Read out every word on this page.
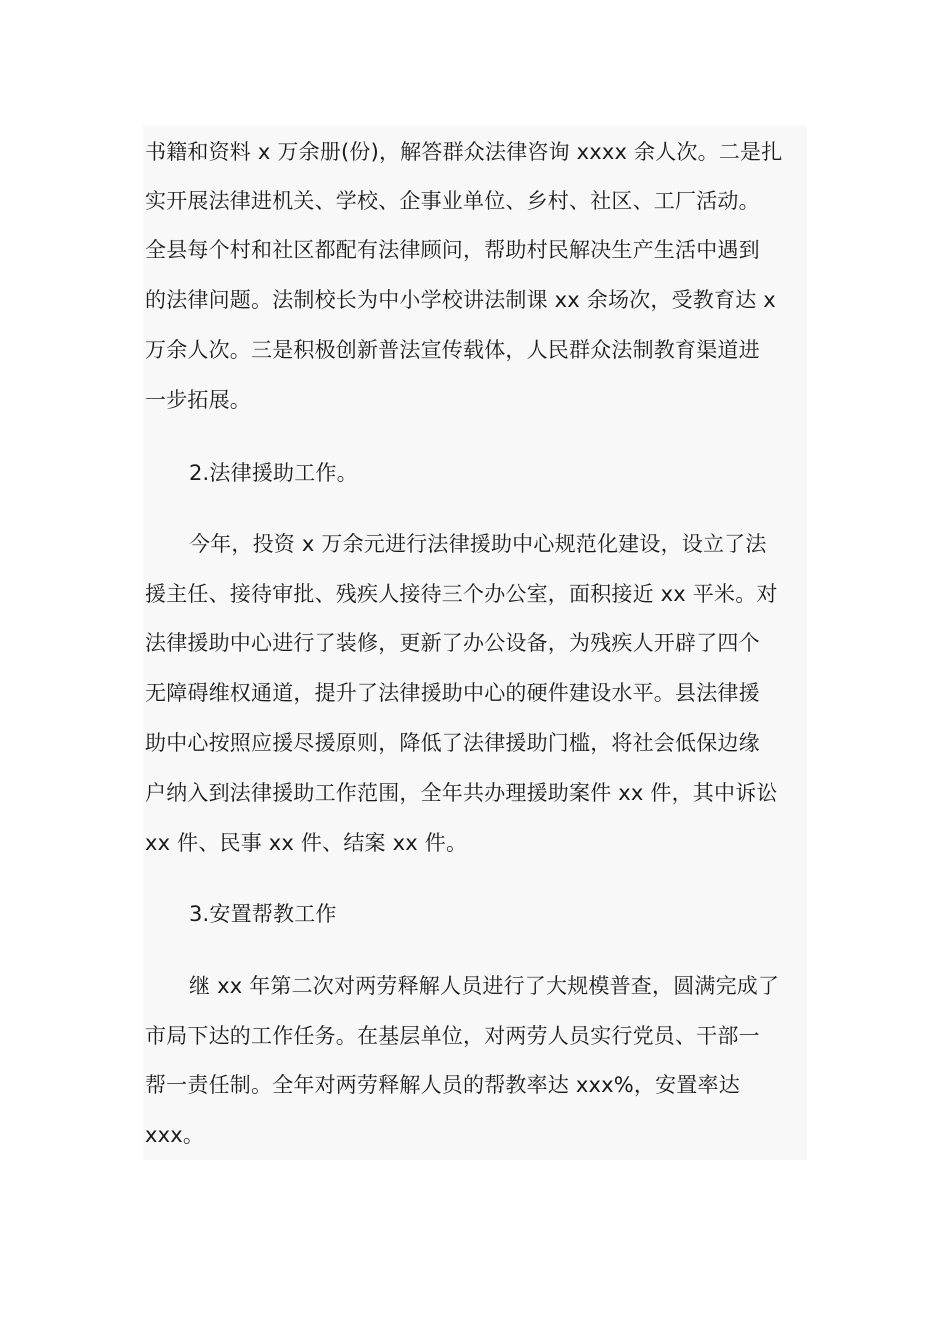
书籍和资料 x 万余册(份)，解答群众法律咨询 xxxx 余人次。二是扎
实开展法律进机关、学校、企事业单位、乡村、社区、工厂活动。
全县每个村和社区都配有法律顾问，帮助村民解决生产生活中遇到
的法律问题。法制校长为中小学校讲法制课 xx 余场次，受教育达 x
万余人次。三是积极创新普法宣传载体，人民群众法制教育渠道进
一步拓展。
2.法律援助工作。
今年，投资 x 万余元进行法律援助中心规范化建设，设立了法
援主任、接待审批、残疾人接待三个办公室，面积接近 xx 平米。对
法律援助中心进行了装修，更新了办公设备，为残疾人开辟了四个
无障碍维权通道，提升了法律援助中心的硬件建设水平。县法律援
助中心按照应援尽援原则，降低了法律援助门槛，将社会低保边缘
户纳入到法律援助工作范围，全年共办理援助案件 xx 件，其中诉讼
xx 件、民事 xx 件、结案 xx 件。
3.安置帮教工作
继 xx 年第二次对两劳释解人员进行了大规模普查，圆满完成了
市局下达的工作任务。在基层单位，对两劳人员实行党员、干部一
帮一责任制。全年对两劳释解人员的帮教率达 xxx%，安置率达
xxx。
